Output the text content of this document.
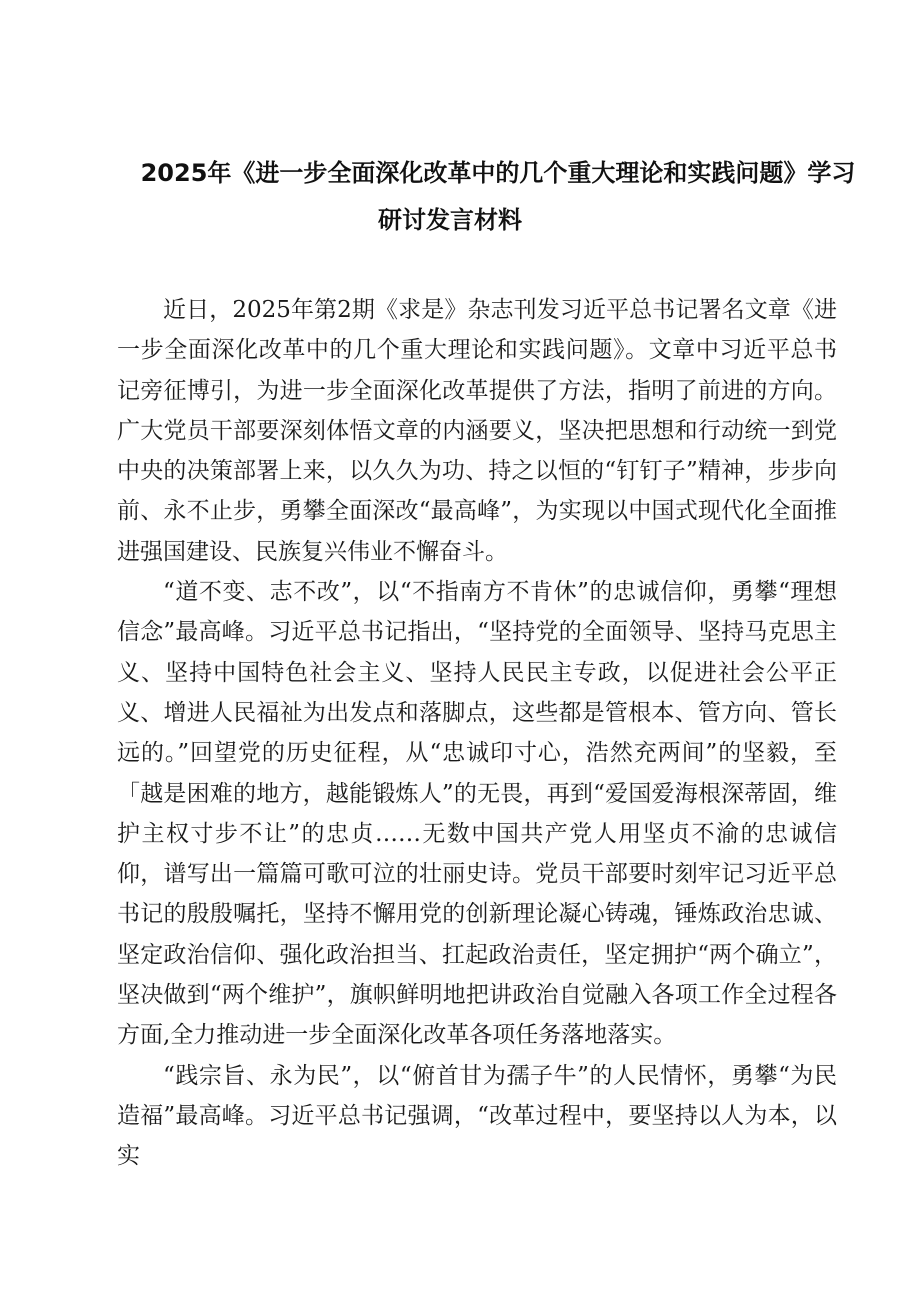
2025年《进一步全面深化改革中的几个重大理论和实践问题》学习
研讨发言材料

近日，2025年第2期《求是》杂志刊发习近平总书记署名文章《进一步全面深化改革中的几个重大理论和实践问题》。文章中习近平总书记旁征博引，为进一步全面深化改革提供了方法，指明了前进的方向。广大党员干部要深刻体悟文章的内涵要义，坚决把思想和行动统一到党中央的决策部署上来，以久久为功、持之以恒的“钉钉子”精神，步步向前、永不止步，勇攀全面深改“最高峰”，为实现以中国式现代化全面推进强国建设、民族复兴伟业不懈奋斗。

“道不变、志不改”，以“不指南方不肯休”的忠诚信仰，勇攀“理想信念”最高峰。习近平总书记指出，“坚持党的全面领导、坚持马克思主义、坚持中国特色社会主义、坚持人民民主专政，以促进社会公平正义、增进人民福祉为出发点和落脚点，这些都是管根本、管方向、管长远的。”回望党的历史征程，从“忠诚印寸心，浩然充两间”的坚毅，至「越是困难的地方，越能锻炼人”的无畏，再到“爱国爱海根深蒂固，维护主权寸步不让”的忠贞……无数中国共产党人用坚贞不渝的忠诚信仰，谱写出一篇篇可歌可泣的壮丽史诗。党员干部要时刻牢记习近平总书记的殷殷嘱托，坚持不懈用党的创新理论凝心铸魂，锤炼政治忠诚、坚定政治信仰、强化政治担当、扛起政治责任，坚定拥护“两个确立”，坚决做到“两个维护”，旗帜鲜明地把讲政治自觉融入各项工作全过程各方面,全力推动进一步全面深化改革各项任务落地落实。

“践宗旨、永为民”，以“俯首甘为孺子牛”的人民情怀，勇攀“为民造福”最高峰。习近平总书记强调，“改革过程中，要坚持以人为本，以实
